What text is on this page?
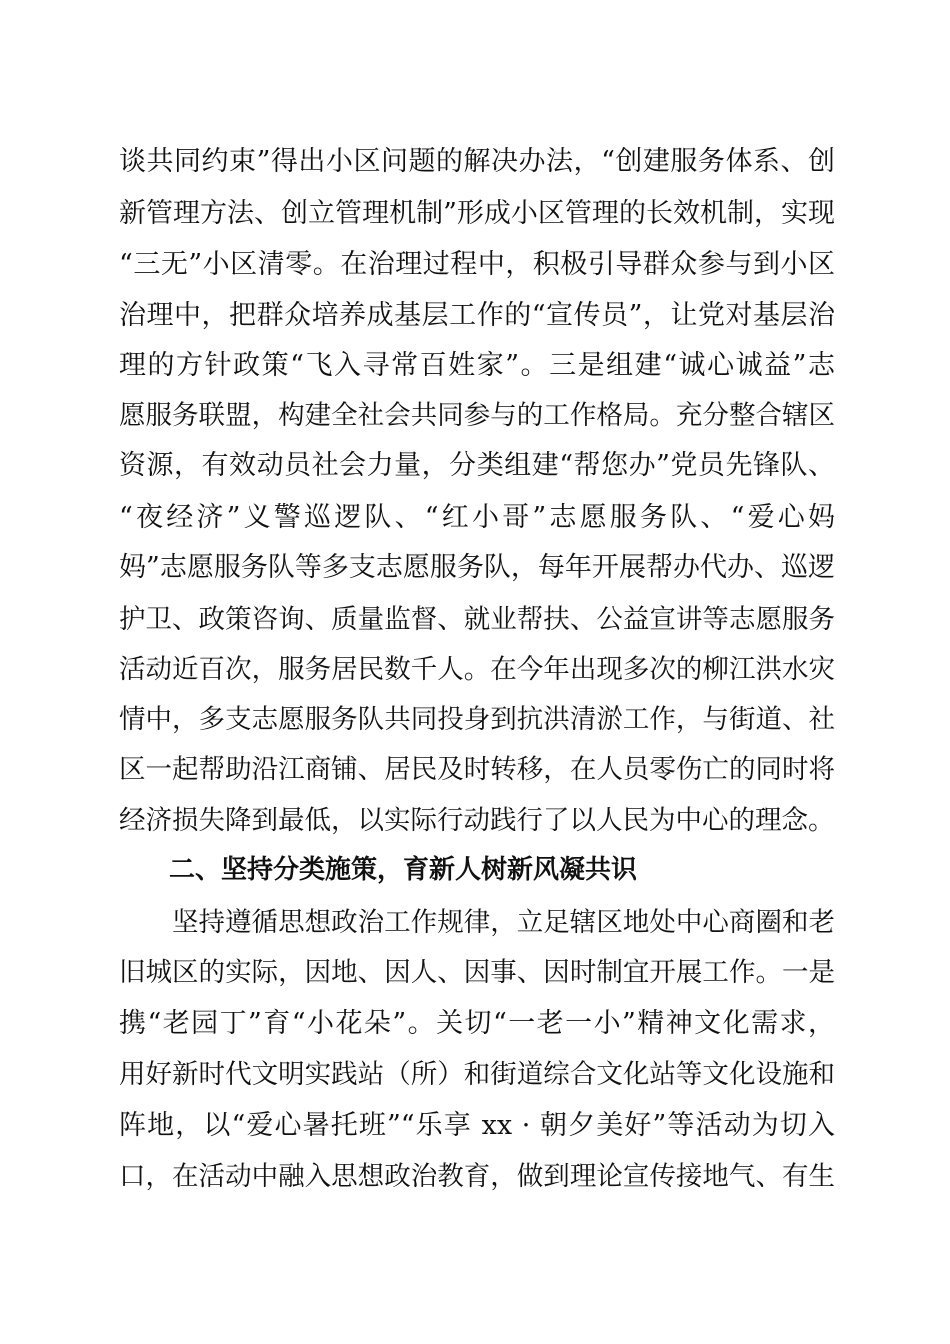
谈共同约束”得出小区问题的解决办法，“创建服务体系、创
新管理方法、创立管理机制”形成小区管理的长效机制，实现
“三无”小区清零。在治理过程中，积极引导群众参与到小区
治理中，把群众培养成基层工作的“宣传员”，让党对基层治
理的方针政策“飞入寻常百姓家”。三是组建“诚心诚益”志
愿服务联盟，构建全社会共同参与的工作格局。充分整合辖区
资源，有效动员社会力量，分类组建“帮您办”党员先锋队、
“夜经济”义警巡逻队、“红小哥”志愿服务队、“爱心妈
妈”志愿服务队等多支志愿服务队，每年开展帮办代办、巡逻
护卫、政策咨询、质量监督、就业帮扶、公益宣讲等志愿服务
活动近百次，服务居民数千人。在今年出现多次的柳江洪水灾
情中，多支志愿服务队共同投身到抗洪清淤工作，与街道、社
区一起帮助沿江商铺、居民及时转移，在人员零伤亡的同时将
经济损失降到最低，以实际行动践行了以人民为中心的理念。
二、坚持分类施策，育新人树新风凝共识
坚持遵循思想政治工作规律，立足辖区地处中心商圈和老
旧城区的实际，因地、因人、因事、因时制宜开展工作。一是
携“老园丁”育“小花朵”。关切“一老一小”精神文化需求，
用好新时代文明实践站（所）和街道综合文化站等文化设施和
阵地，以“爱心暑托班”“乐享 xx · 朝夕美好”等活动为切入
口，在活动中融入思想政治教育，做到理论宣传接地气、有生
